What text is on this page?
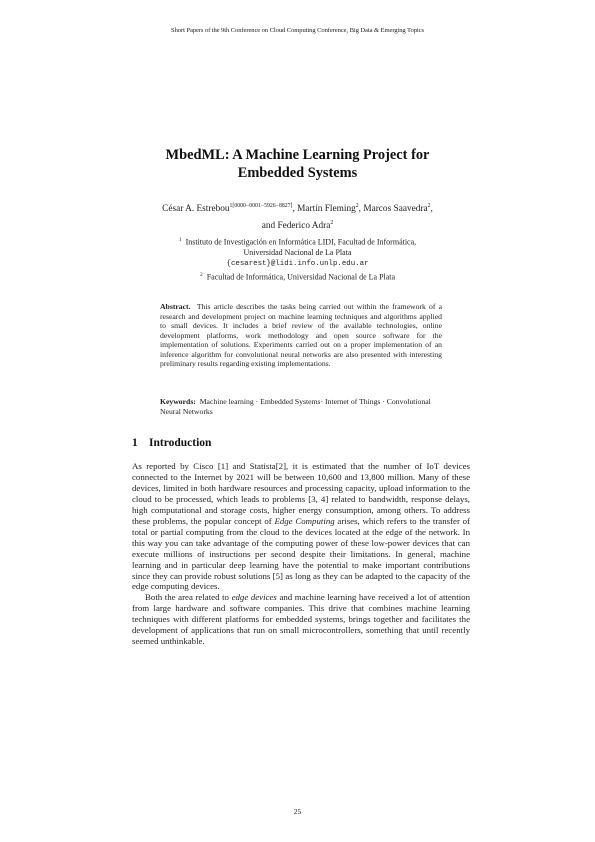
Short Papers of the 9th Conference on Cloud Computing Conference, Big Data & Emerging Topics
MbedML: A Machine Learning Project for
Embedded Systems
César A. Estrebou$^{1[0000-0001-5926-8827]}$, Martín Fleming$^2$, Marcos Saavedra$^2$,
and Federico Adra$^2$
$^1$ Instituto de Investigación en Informática LIDI, Facultad de Informática,
Universidad Nacional de La Plata
{cesarest}@lidi.info.unlp.edu.ar
$^2$ Facultad de Informática, Universidad Nacional de La Plata
Abstract. This article describes the tasks being carried out within the framework of a research and development project on machine learning techniques and algorithms applied to small devices. It includes a brief review of the available technologies, online development platforms, work methodology and open source software for the implementation of solutions. Experiments carried out on a proper implementation of an inference algorithm for convolutional neural networks are also presented with interesting preliminary results regarding existing implementations.
Keywords: Machine learning · Embedded Systems· Internet of Things · Convolutional Neural Networks
1 Introduction

As reported by Cisco [1] and Statista[2], it is estimated that the number of IoT devices connected to the Internet by 2021 will be between 10,600 and 13,800 million. Many of these devices, limited in both hardware resources and processing capacity, upload information to the cloud to be processed, which leads to problems [3, 4] related to bandwidth, response delays, high computational and storage costs, higher energy consumption, among others. To address these problems, the popular concept of Edge Computing arises, which refers to the transfer of total or partial computing from the cloud to the devices located at the edge of the network. In this way you can take advantage of the computing power of these low-power devices that can execute millions of instructions per second despite their limitations. In general, machine learning and in particular deep learning have the potential to make important contributions since they can provide robust solutions [5] as long as they can be adapted to the capacity of the edge computing devices.

Both the area related to edge devices and machine learning have received a lot of attention from large hardware and software companies. This drive that combines machine learning techniques with different platforms for embedded systems, brings together and facilitates the development of applications that run on small microcontrollers, something that until recently seemed unthinkable.

25
